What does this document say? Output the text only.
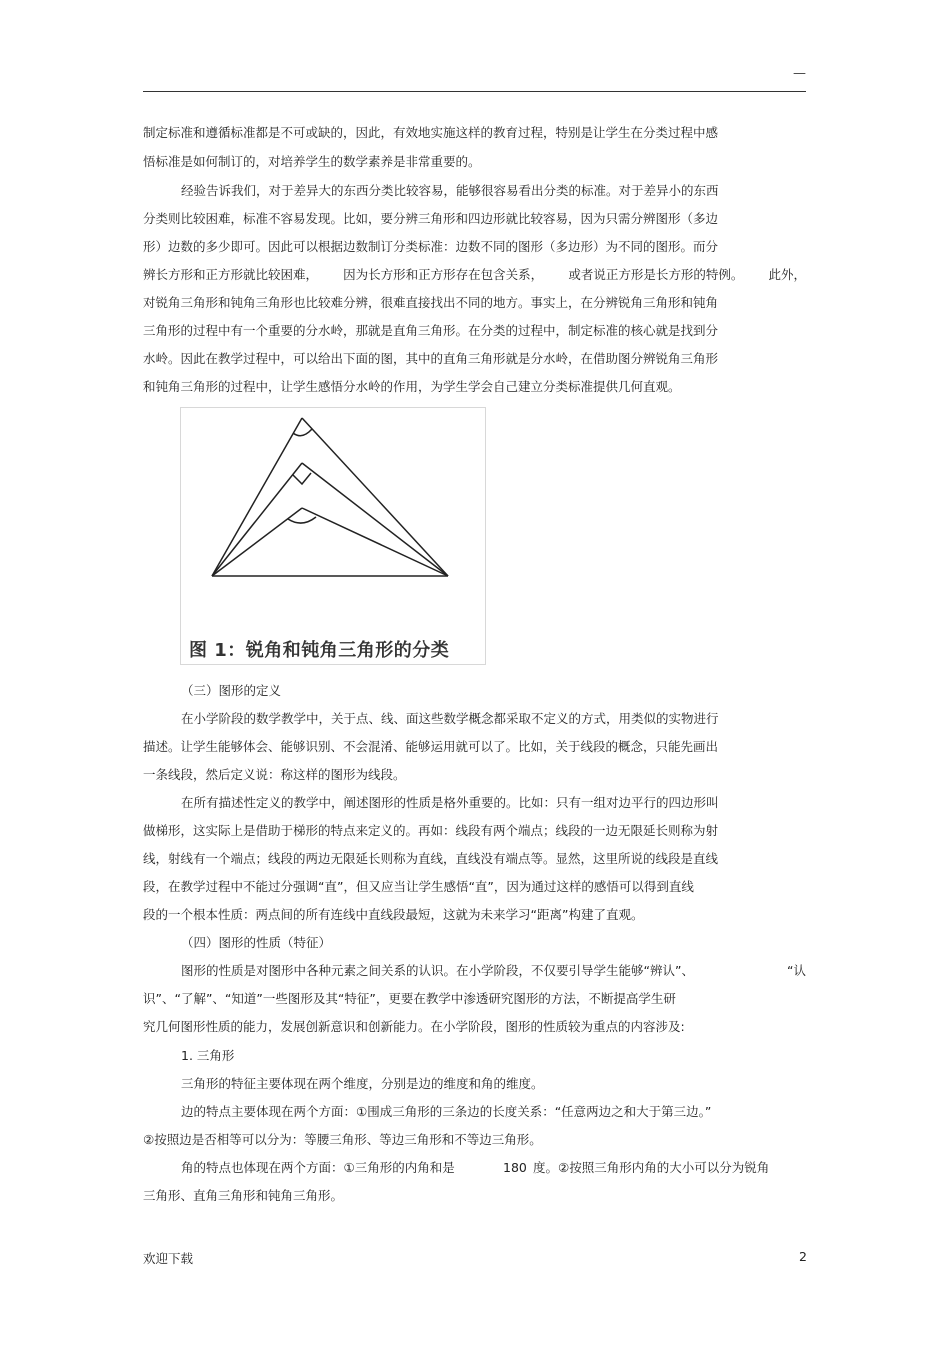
—
制定标准和遵循标准都是不可或缺的，因此，有效地实施这样的教育过程，特别是让学生在分类过程中感
悟标准是如何制订的，对培养学生的数学素养是非常重要的。
经验告诉我们，对于差异大的东西分类比较容易，能够很容易看出分类的标准。对于差异小的东西
分类则比较困难，标准不容易发现。比如，要分辨三角形和四边形就比较容易，因为只需分辨图形（多边
形）边数的多少即可。因此可以根据边数制订分类标准：边数不同的图形（多边形）为不同的图形。而分
辨长方形和正方形就比较困难， 因为长方形和正方形存在包含关系， 或者说正方形是长方形的特例。 此外，
对锐角三角形和钝角三角形也比较难分辨，很难直接找出不同的地方。事实上，在分辨锐角三角形和钝角
三角形的过程中有一个重要的分水岭，那就是直角三角形。在分类的过程中，制定标准的核心就是找到分
水岭。因此在教学过程中，可以给出下面的图，其中的直角三角形就是分水岭，在借助图分辨锐角三角形
和钝角三角形的过程中，让学生感悟分水岭的作用，为学生学会自己建立分类标准提供几何直观。
图 1：锐角和钝角三角形的分类
（三）图形的定义
在小学阶段的数学教学中，关于点、线、面这些数学概念都采取不定义的方式，用类似的实物进行
描述。让学生能够体会、能够识别、不会混淆、能够运用就可以了。比如，关于线段的概念，只能先画出
一条线段，然后定义说：称这样的图形为线段。
在所有描述性定义的教学中，阐述图形的性质是格外重要的。比如：只有一组对边平行的四边形叫
做梯形，这实际上是借助于梯形的特点来定义的。再如：线段有两个端点；线段的一边无限延长则称为射
线，射线有一个端点；线段的两边无限延长则称为直线，直线没有端点等。显然，这里所说的线段是直线
段，在教学过程中不能过分强调“直”，但又应当让学生感悟“直”，因为通过这样的感悟可以得到直线
段的一个根本性质：两点间的所有连线中直线段最短，这就为未来学习“距离”构建了直观。
（四）图形的性质（特征）
图形的性质是对图形中各种元素之间关系的认识。在小学阶段，不仅要引导学生能够“辨认”、	“认
识”、“了解”、“知道”一些图形及其“特征”，更要在教学中渗透研究图形的方法，不断提高学生研
究几何图形性质的能力，发展创新意识和创新能力。在小学阶段，图形的性质较为重点的内容涉及:
1. 三角形
三角形的特征主要体现在两个维度，分别是边的维度和角的维度。
边的特点主要体现在两个方面：①围成三角形的三条边的长度关系：“任意两边之和大于第三边。”
②按照边是否相等可以分为：等腰三角形、等边三角形和不等边三角形。
角的特点也体现在两个方面：①三角形的内角和是	180 度。②按照三角形内角的大小可以分为锐角
三角形、直角三角形和钝角三角形。
欢迎下载	2
